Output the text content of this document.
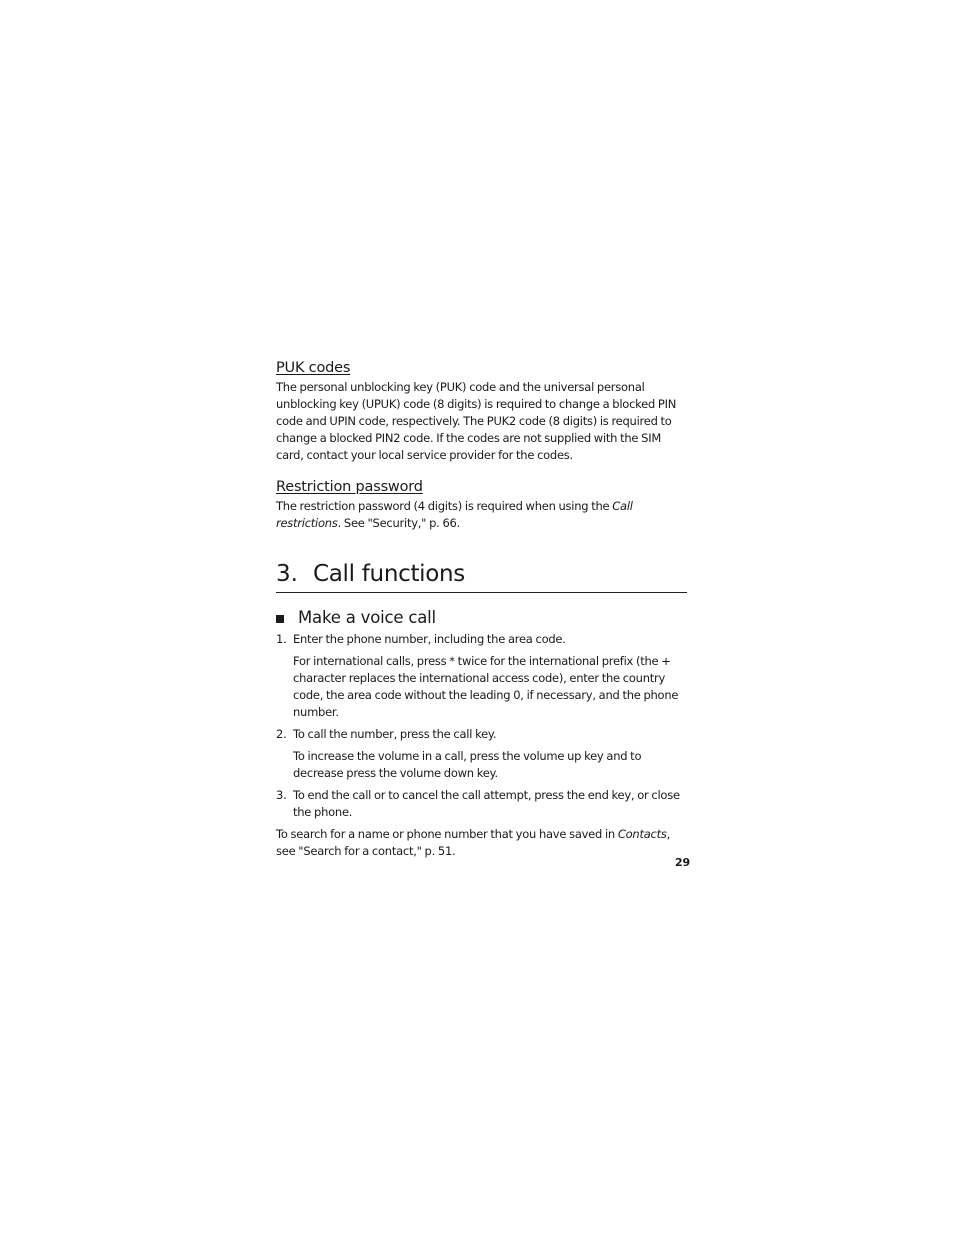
PUK codes

The personal unblocking key (PUK) code and the universal personal unblocking key (UPUK) code (8 digits) is required to change a blocked PIN code and UPIN code, respectively. The PUK2 code (8 digits) is required to change a blocked PIN2 code. If the codes are not supplied with the SIM card, contact your local service provider for the codes.

Restriction password

The restriction password (4 digits) is required when using the Call restrictions. See "Security," p. 66.

3. Call functions
Make a voice call
1. Enter the phone number, including the area code.
For international calls, press * twice for the international prefix (the + character replaces the international access code), enter the country code, the area code without the leading 0, if necessary, and the phone number.
2. To call the number, press the call key.
To increase the volume in a call, press the volume up key and to decrease press the volume down key.
3. To end the call or to cancel the call attempt, press the end key, or close the phone.

To search for a name or phone number that you have saved in Contacts, see "Search for a contact," p. 51.

29
